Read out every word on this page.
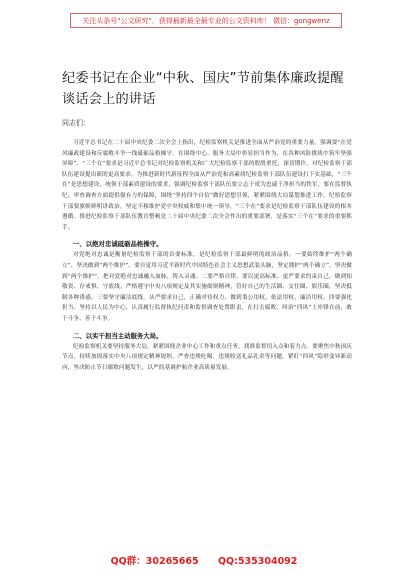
关注头条号"公文研究"，获得最新最全最专业的公文资料库！ 微信：gongwenz
纪委书记在企业“中秋、国庆”节前集体廉政提醒谈话会上的讲话
同志们：

习近平总书记在二十届中央纪委二次全会上指出，纪检监察机关是推进全面从严治党的重要力量。强调要“在党风廉政建设和反腐败斗争一线砥砺品格操守，在围绕中心、服务大局中彰显担当作为，在各种风险挑战中筑牢坚强屏障”。“三个在”要求是习近平总书记对纪检监察机关和广大纪检监察干部的殷殷重托，深切期许，对纪检监察干部队伍建设提出新的更高要求。为推进新时代新征程全面从严治党和高素质纪检监察干部队伍建设打下实基础，“三个在”是思想建设，统领干部素质建设的要求，强调纪检监察干部队伍要立志于成为忠诚干净担当的铁军，要在监督执纪、审查调查方面提供强有力的保障，围绕“坚持四个自信”做好思想引领，紧紧围绕大局谋划推进工作。纪检监察干部要旗帜鲜明讲政治，坚定不移维护党中央权威和集中统一领导，“三个在”要求是纪检监察干部队伍建设的根本遵循。推进纪检监察干部队伍教育整顿是二十届中央纪委二次全会作出的重要部署，是落实“三个在”要求的重要抓手。

一、以绝对忠诚砥砺品格操守。

对党绝对忠诚是衡量纪检监察干部的首要标准，是纪检监察干部最鲜明的政治品格。一要始终维护“两个确立”、坚决做到“两个维护”。要自觉用习近平新时代中国特色社会主义思想武装头脑，坚定拥护“两个确立”，坚决做到“两个维护”，把对党绝对忠诚融入血脉、铸入灵魂。二要严格自律。要以更高标准、更严要求约束自己，做到知敬畏、存戒惧、守底线。严格遵守中央八项规定及其实施细则精神，管好自己的生活圈、交往圈、娱乐圈，坚决抵制各种诱惑。三要坚守廉洁底线。从严要求自己，正确对待权力，做到秉公用权、依法用权、廉洁用权。四要强化担当。坚持以人民为中心，认真履行监督执纪问责和监督调查处置职责，在打击腐败、纠治“四风”上冲锋在前，敢于斗争、善于斗争。

二、以实干担当主动服务大局。

纪检监察机关要坚持服务大局，紧紧围绕企业中心工作和重点任务，找准监督切入点和着力点。要聚焦中秋国庆节点，持续加固落实中央八项规定精神堤坝，严查违规吃喝、违规收送礼品礼金等问题，紧盯“四风”隐形变异新动向，坚决防止节日腐败问题发生，以严的基调护航企业高质量发展。

QQ群：30265665 QQ:535304092
